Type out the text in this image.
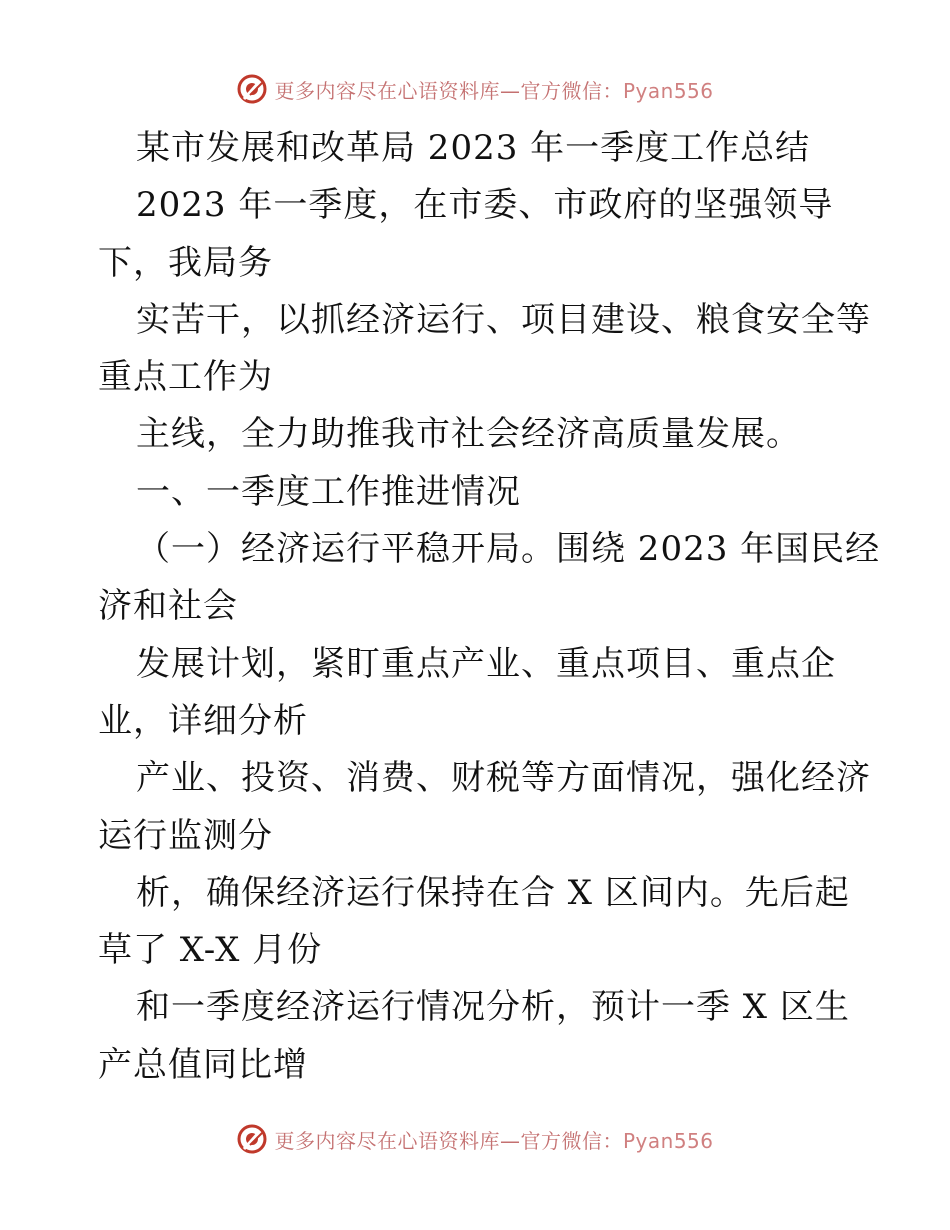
更多内容尽在心语资料库—官方微信：Pyan556
某市发展和改革局 2023 年一季度工作总结
2023 年一季度，在市委、市政府的坚强领导
下，我局务
实苦干，以抓经济运行、项目建设、粮食安全等
重点工作为
主线，全力助推我市社会经济高质量发展。
一、一季度工作推进情况
（一）经济运行平稳开局。围绕 2023 年国民经
济和社会
发展计划，紧盯重点产业、重点项目、重点企
业，详细分析
产业、投资、消费、财税等方面情况，强化经济
运行监测分
析，确保经济运行保持在合 X 区间内。先后起
草了 X-X 月份
和一季度经济运行情况分析，预计一季 X 区生
产总值同比增
更多内容尽在心语资料库—官方微信：Pyan556
